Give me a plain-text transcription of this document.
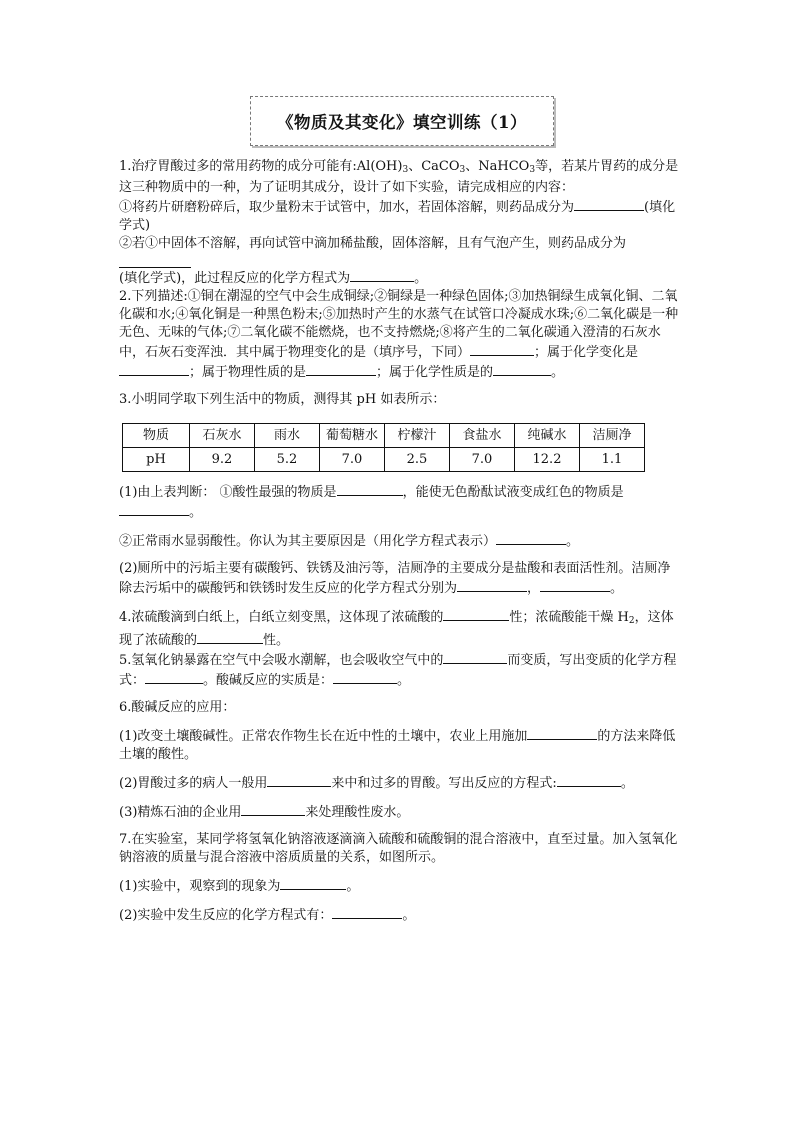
《物质及其变化》填空训练（1）

1.治疗胃酸过多的常用药物的成分可能有$:Al(OH)_3$、CaCO$_3$、NaHCO$_3$等，若某片胃药的成分是这三种物质中的一种，为了证明其成分，设计了如下实验，请完成相应的内容：

①将药片研磨粉碎后，取少量粉末于试管中，加水，若固体溶解，则药品成分为	(填化学式)

②若①中固体不溶解，再向试管中滴加稀盐酸，固体溶解，且有气泡产生，则药品成分为

(填化学式)，此过程反应的化学方程式为	。

2.下列描述:①铜在潮湿的空气中会生成铜绿;②铜绿是一种绿色固体;③加热铜绿生成氧化铜、二氧化碳和水;④氧化铜是一种黑色粉末;⑤加热时产生的水蒸气在试管口冷凝成水珠;⑥二氧化碳是一种无色、无味的气体;⑦二氧化碳不能燃烧，也不支持燃烧;⑧将产生的二氧化碳通入澄清的石灰水中，石灰石变浑浊．其中属于物理变化的是（填序号，下同）	；属于化学变化是；属于物理性质的是	；属于化学性质是的	。

3.小明同学取下列生活中的物质，测得其 pH 如表所示：

物质	石灰水	雨水	葡萄糖水	柠檬汁	食盐水	纯碱水	洁厕净
pH	9.2	5.2	7.0	2.5	7.0	12.2	1.1

(1)由上表判断： ①酸性最强的物质是	，能使无色酚酞试液变成红色的物质是。

②正常雨水显弱酸性。你认为其主要原因是（用化学方程式表示）	。

(2)厕所中的污垢主要有碳酸钙、铁锈及油污等，洁厕净的主要成分是盐酸和表面活性剂。洁厕净除去污垢中的碳酸钙和铁锈时发生反应的化学方程式分别为	，	。

4.浓硫酸滴到白纸上，白纸立刻变黑，这体现了浓硫酸的	性；浓硫酸能干燥 $H_2$，这体现了浓硫酸的	性。

5.氢氧化钠暴露在空气中会吸水潮解，也会吸收空气中的	而变质，写出变质的化学方程式：	。酸碱反应的实质是：	。

6.酸碱反应的应用：

(1)改变土壤酸碱性。正常农作物生长在近中性的土壤中，农业上用施加	的方法来降低土壤的酸性。

(2)胃酸过多的病人一般用	来中和过多的胃酸。写出反应的方程式:	。

(3)精炼石油的企业用	来处理酸性废水。

7.在实验室，某同学将氢氧化钠溶液逐滴滴入硫酸和硫酸铜的混合溶液中，直至过量。加入氢氧化钠溶液的质量与混合溶液中溶质质量的关系，如图所示。

(1)实验中，观察到的现象为	。

(2)实验中发生反应的化学方程式有：	。
